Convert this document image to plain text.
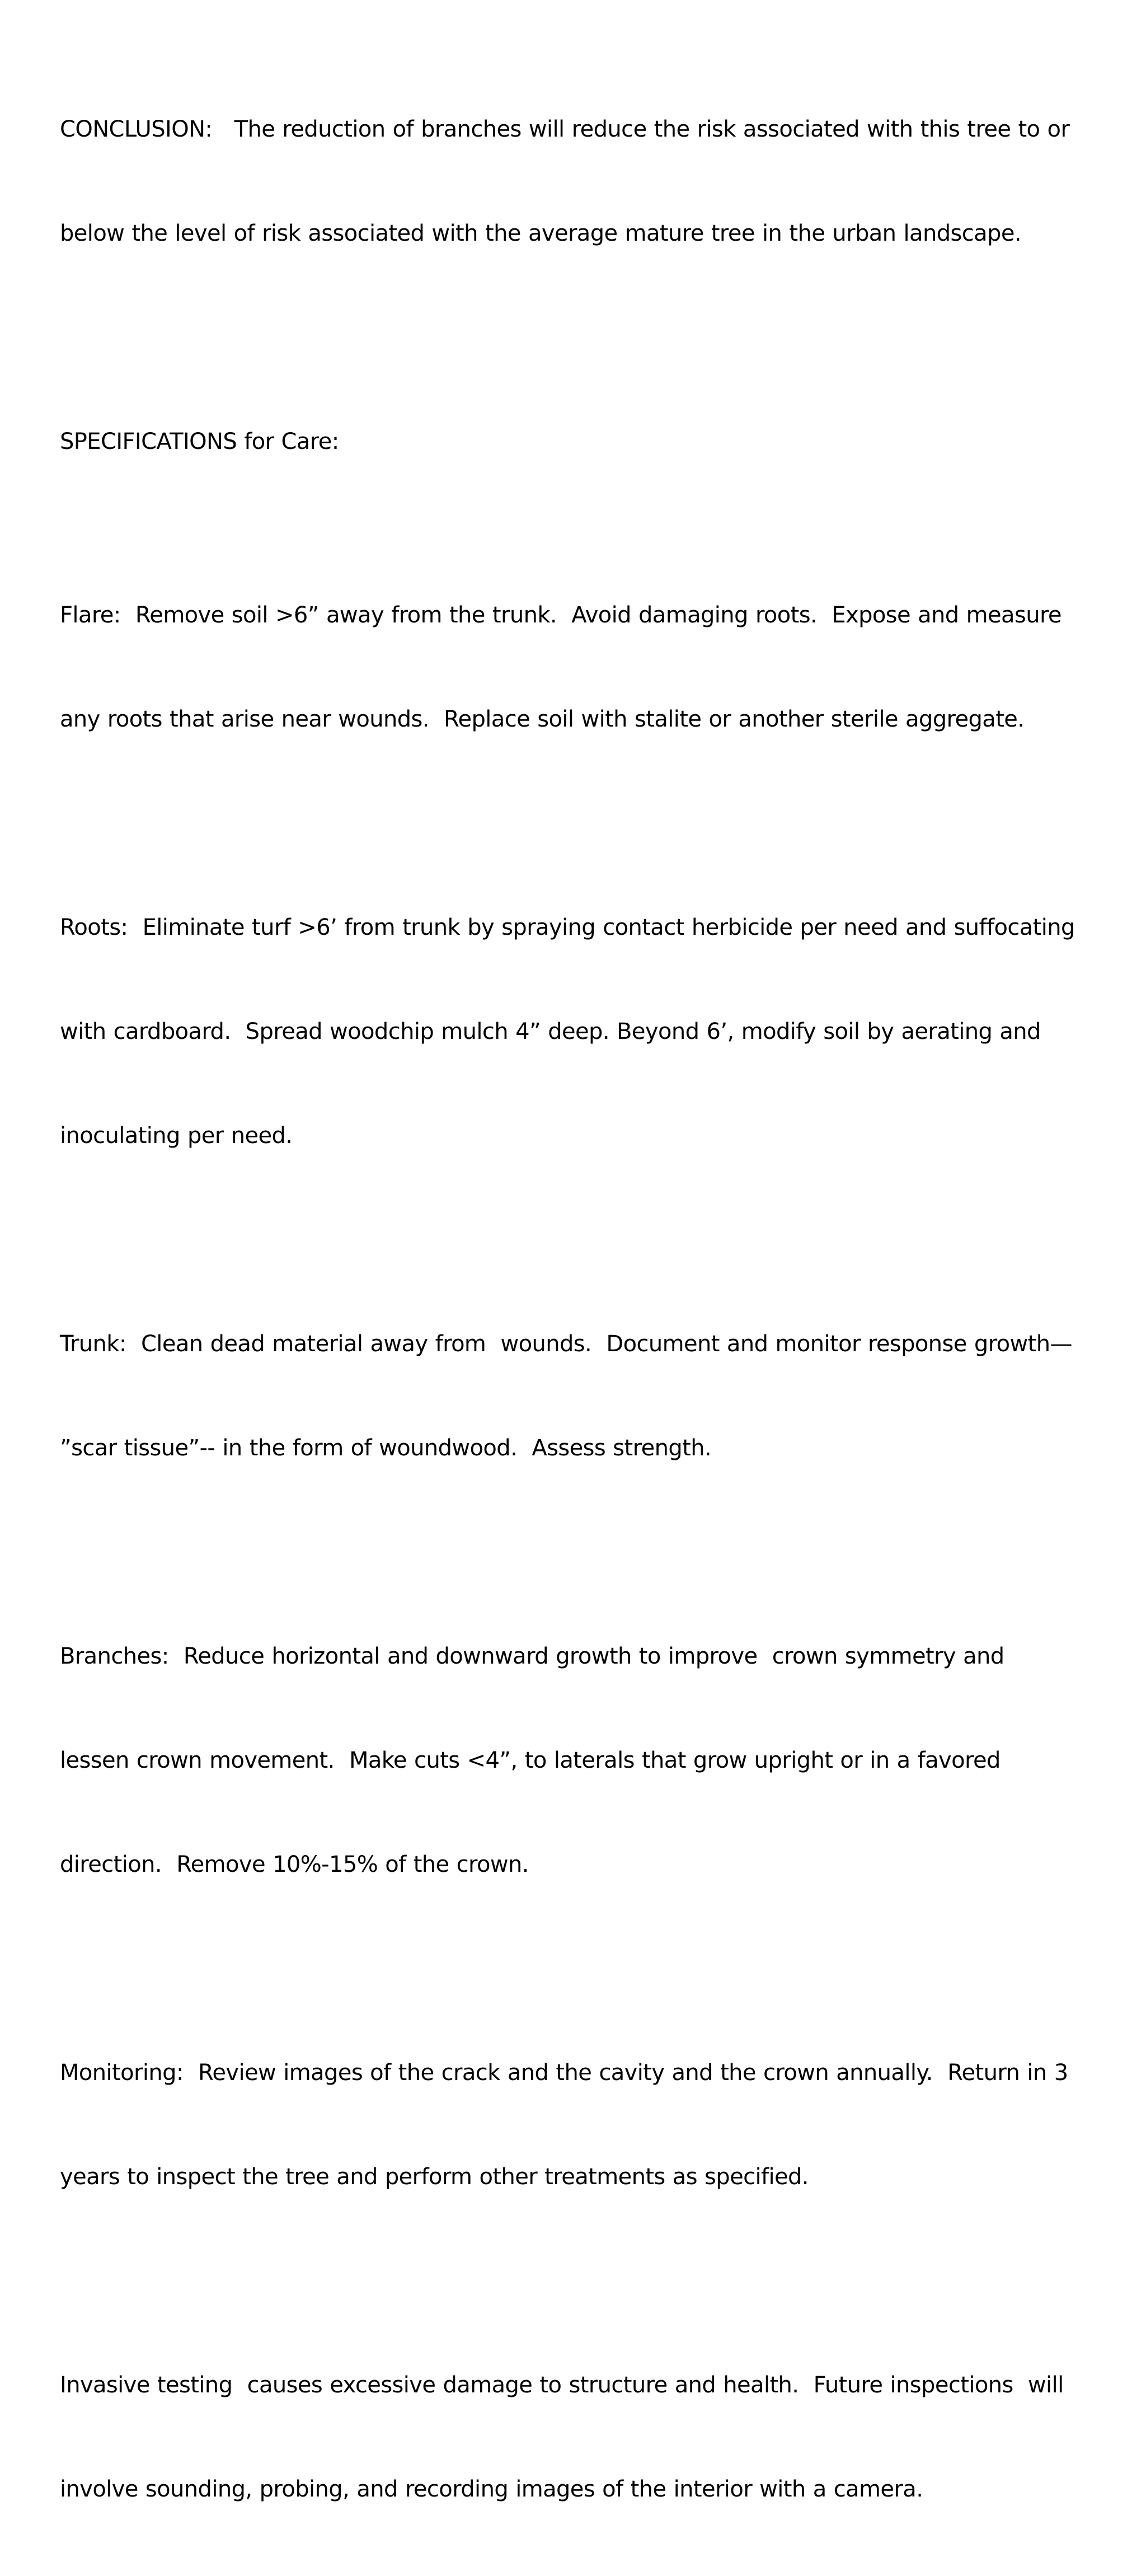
CONCLUSION:   The reduction of branches will reduce the risk associated with this tree to or

below the level of risk associated with the average mature tree in the urban landscape.

SPECIFICATIONS for Care:

Flare:  Remove soil >6” away from the trunk.  Avoid damaging roots.  Expose and measure

any roots that arise near wounds.  Replace soil with stalite or another sterile aggregate.

Roots:  Eliminate turf >6’ from trunk by spraying contact herbicide per need and suffocating

with cardboard.  Spread woodchip mulch 4” deep. Beyond 6’, modify soil by aerating and

inoculating per need.

Trunk:  Clean dead material away from  wounds.  Document and monitor response growth—

”scar tissue”-- in the form of woundwood.  Assess strength.

Branches:  Reduce horizontal and downward growth to improve  crown symmetry and

lessen crown movement.  Make cuts <4”, to laterals that grow upright or in a favored

direction.  Remove 10%-15% of the crown.

Monitoring:  Review images of the crack and the cavity and the crown annually.  Return in 3

years to inspect the tree and perform other treatments as specified.

Invasive testing  causes excessive damage to structure and health.  Future inspections  will

involve sounding, probing, and recording images of the interior with a camera.
